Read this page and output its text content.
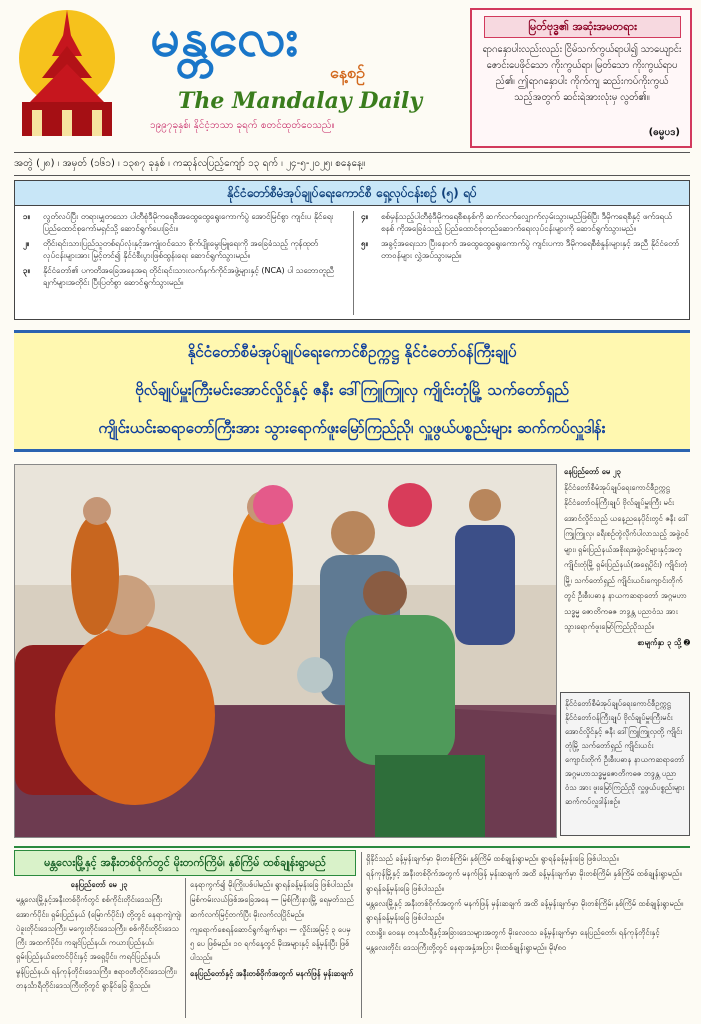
မန္တလေး
နေ့စဉ်
The Mandalay Daily
၁၉၉၇ခုနှစ်၊ နိုင်ငံ့ဘသာ ခုရက် စတင်ထုတ်ဝေသည်။
မြတ်ဗုဒ္ဓ၏ အဆုံးအမတရား
ရာဂနှောပါးလည်းလည်း ငြိမ်သက်ကွယ်ရာပါ၍ သာယျောင်း ဇောင်းပေဖိုင်သော ကိုးကွယ်ရာ၊ မြတ်သော ကိုးကွယ်ရာပည်၏၊ ဤရာဂနှောပါး ကိုက်ကျ ဆည်းကပ်ကိုးကွယ်သည့်အတွက် ဆင်းရဲအားလုံးမှ လွတ်၏။
(ဓမ္မပဒ)
အတွဲ (၂၈) ၊ အမှတ် (၁၆၁) ၊ ၁၃၈၇ ခုနှစ် ၊ ကဆုန်လပြည့်ကျော် ၁၃ ရက် ၊ ၂၄-၅-၂၀၂၅၊ စနေနေ့။
နိုင်ငံတော်စီမံအုပ်ချုပ်ရေးကောင်စီ ရှေ့လုပ်ငန်းစဉ် (၅) ရပ်
၁။	လွတ်လပ်ပြီး တရားမျှတသော ပါတီစုံဒီမိုကရေစီအထွေထွေရွေးကောက်ပွဲ အောင်မြင်စွာ ကျင်းပ နိုင်ရေး ပြည်ထောင်စုကော်မရှင်သို့ ဆောင်ရွက်ပေးခြင်း။
၂။	တိုင်းရင်းသားပြည်သူတစ်ရပ်လုံးနှင့်အကျုံးဝင်သော စိုက်ပျိုးမွေးမြူရေးကို အခြေခံသည့် ကုန်ထုတ် လုပ်ငန်းများအား မြှင့်တင်၍ နိုင်ငံစီးပွားဖြစ်ထွန်းရေး ဆောင်ရွက်သွားမည်။
၃။	နိုင်ငံတော်၏ ပကတိအခြေအနေအရ တိုင်းရင်းသားလက်နက်ကိုင်အဖွဲ့များနှင့် (NCA) ပါ သဘောတူညီချက်များအတိုင်း ပြီးပြတ်စွာ ဆောင်ရွက်သွားမည်။
၄။	စစ်မှန်သည့်ပါတီစုံဒီမိုကရေစီစနစ်ကို ဆက်လက်လျှောက်လှမ်းသွားမည်ဖြစ်ပြီး ဒီမိုကရေစီနှင့် ဖက်ဒရယ်စနစ် ကိုအခြေခံသည့် ပြည်ထောင်စုတည်ဆောက်ရေးလုပ်ငန်းများကို ဆောင်ရွက်သွားမည်။
၅။	အခွင့်အရေးသာ ပြီးနောက် အထွေထွေရွေးကောက်ပွဲ ကျင်းပကာ ဒီမိုကရေစီစံနှုန်းများနှင့် အညီ နိုင်ငံတော်တာဝန်များ လွှဲအပ်သွားမည်။
နိုင်ငံတော်စီမံအုပ်ချုပ်ရေးကောင်စီဥက္ကဋ္ဌ နိုင်ငံတော်ဝန်ကြီးချုပ်
ဗိုလ်ချုပ်မှူးကြီးမင်းအောင်လှိုင်နှင့် ဇနီး ဒေါ်ကြူကြူလှ ကျိုင်းတုံမြို့ သက်တော်ရှည်
ကျိုင်းယင်းဆရာတော်ကြီးအား သွားရောက်ဖူးမြော်ကြည်ညို၊ လှူဖွယ်ပစ္စည်းများ ဆက်ကပ်လှူဒါန်း
နေပြည်တော် မေ ၂၃
နိုင်ငံတော်စီမံအုပ်ချုပ်ရေးကောင်စီဥက္ကဋ္ဌ နိုင်ငံတော်ဝန်ကြီးချုပ် ဗိုလ်ချုပ်မှူးကြီး မင်းအောင်လှိုင်သည် ယနေ့ညနေပိုင်းတွင် ဇနီး ဒေါ်ကြူကြူလှ၊ ခရီးစဉ်တွဲလိုက်ပါလာသည့် အဖွဲ့ဝင်များ၊ ရှမ်းပြည်နယ်အစိုးရအဖွဲ့ဝင်များနှင့်အတူ ကျိုင်းတုံမြို့ ရှမ်းပြည်နယ်(အရှေ့ပိုင်း) ကျိုင်းတုံမြို့၊ သက်တော်ရှည် ကျိုင်းယင်းကျောင်းတိုက်တွင် ဦးစီးပဓာန နာယကဆရာတော် အဂ္ဂမဟာသဒ္ဓမ္မ ဇောတိကဓဇ ဘဒ္ဒန္တ ပညာဝံသ အား သွားရောက်ဖူးမြော်ကြည်ညိုသည်။
စာမျက်နှာ ၃ သို့ ➋
နိုင်ငံတော်စီမံအုပ်ချုပ်ရေးကောင်စီဥက္ကဋ္ဌ နိုင်ငံတော်ဝန်ကြီးချုပ် ဗိုလ်ချုပ်မှူးကြီးမင်းအောင်လှိုင်နှင့် ဇနီး ဒေါ်ကြူကြူလှတို့ ကျိုင်းတုံမြို့ သက်တော်ရှည် ကျိုင်းယင်းကျောင်းတိုက် ဦးစီးပဓာန နာယကဆရာတော် အဂ္ဂမဟာသဒ္ဓမ္မဇောတိကဓဇ ဘဒ္ဒန္တ ပညာဝံသ အား ဖူးမြော်ကြည်ညို လှူဖွယ်ပစ္စည်းများ ဆက်ကပ်လှူဒါန်းစဉ်။
မန္တလေးမြို့နှင့် အနီးတစ်ဝိုက်တွင် မိုးတက်ကြိမ်၊ နှစ်ကြိမ် ထစ်ချုန်းရွာမည်

နေပြည်တော် မေ ၂၃

မန္တလေးမြို့နှင့်အနီးတစ်ဝိုက်တွင် စစ်ကိုင်းတိုင်းဒေသကြီးအောက်ပိုင်း၊ ရှမ်းပြည်နယ် (မြောက်ပိုင်း) တို့တွင် နေရာကျဲကျဲ၊ ပဲခူးတိုင်းဒေသကြီး၊ မကွေးတိုင်းဒေသကြီး၊ စစ်ကိုင်းတိုင်းဒေသကြီး အထက်ပိုင်း၊ ကချင်ပြည်နယ်၊ ကယားပြည်နယ်၊ ရှမ်းပြည်နယ်တောင်ပိုင်းနှင့် အရှေ့ပိုင်း၊ ကရင်ပြည်နယ်၊ မွန်ပြည်နယ်၊ ရန်ကုန်တိုင်းဒေသကြီး၊ ဧရာဝတီတိုင်းဒေသကြီး၊ တနင်္သာရီတိုင်းဒေသကြီးတို့တွင် ရွာနိုင်ခြေ ရှိသည်။

နေရာကွက်၍ မိုးကြိုးပစ်ပါမည်။ ရွာရန်ခန့်မှန်းခြေ ဖြစ်ပါသည်။

မြစ်ကမ်းလယ်ဖြစ်အခြေအနေ — မြစ်ကြီးနားမြို့ ရေမှတ်သည် ဆက်လက်မြင့်တက်ပြီး မိုးလက်လပြိုင်မည်။

ကျရောက်စေရန်ဆောင်ရွက်ချက်များ — လှိုင်းအမြင့် ၃ ပေမှ ၅ ပေ ဖြစ်မည်။ ၁၀ ရက်နေ့တွင် မိုးအများနှင့် ခန့်မှန်းပြီး ဖြစ်ပါသည်။

နေပြည်တော်နှင့် အနီးတစ်ဝိုက်အတွက် မနက်ဖြန် မှန်းဆချက်

ရှိနိုင်သည် ခန့်မှန်းချက်မှာ မိုးတစ်ကြိမ်၊ နှစ်ကြိမ် ထစ်ချုန်းရွာမည်။ ရွာရန်ခန့်မှန်းခြေ ဖြစ်ပါသည်။

ရန်ကုန်မြို့နှင့် အနီးတစ်ဝိုက်အတွက် မနက်ဖြန် မှန်းဆချက် အထိ ခန့်မှန်းချက်မှာ မိုးတစ်ကြိမ်၊ နှစ်ကြိမ် ထစ်ချုန်းရွာမည်။ ရွာရန်ခန့်မှန်းခြေ ဖြစ်ပါသည်။

မန္တလေးမြို့နှင့် အနီးတစ်ဝိုက်အတွက် မနက်ဖြန် မှန်းဆချက် အထိ ခန့်မှန်းချက်မှာ မိုးတစ်ကြိမ်၊ နှစ်ကြိမ် ထစ်ချုန်းရွာမည်။ ရွာရန်ခန့်မှန်းခြေ ဖြစ်ပါသည်။

လားရှိုး၊ ဝေနေ၊ တနင်္သာရီနှင့်အခြားဒေသများအတွက် မိုးလေဝသ ခန့်မှန်းချက်မှာ နေပြည်တော်၊ ရန်ကုန်တိုင်းနှင့် မန္တလေးတိုင်း ဒေသကြီးတို့တွင် နေရာအနှံ့အပြား မိုးထစ်ချုန်းရွာမည်။ မိုး/၈ဝ
